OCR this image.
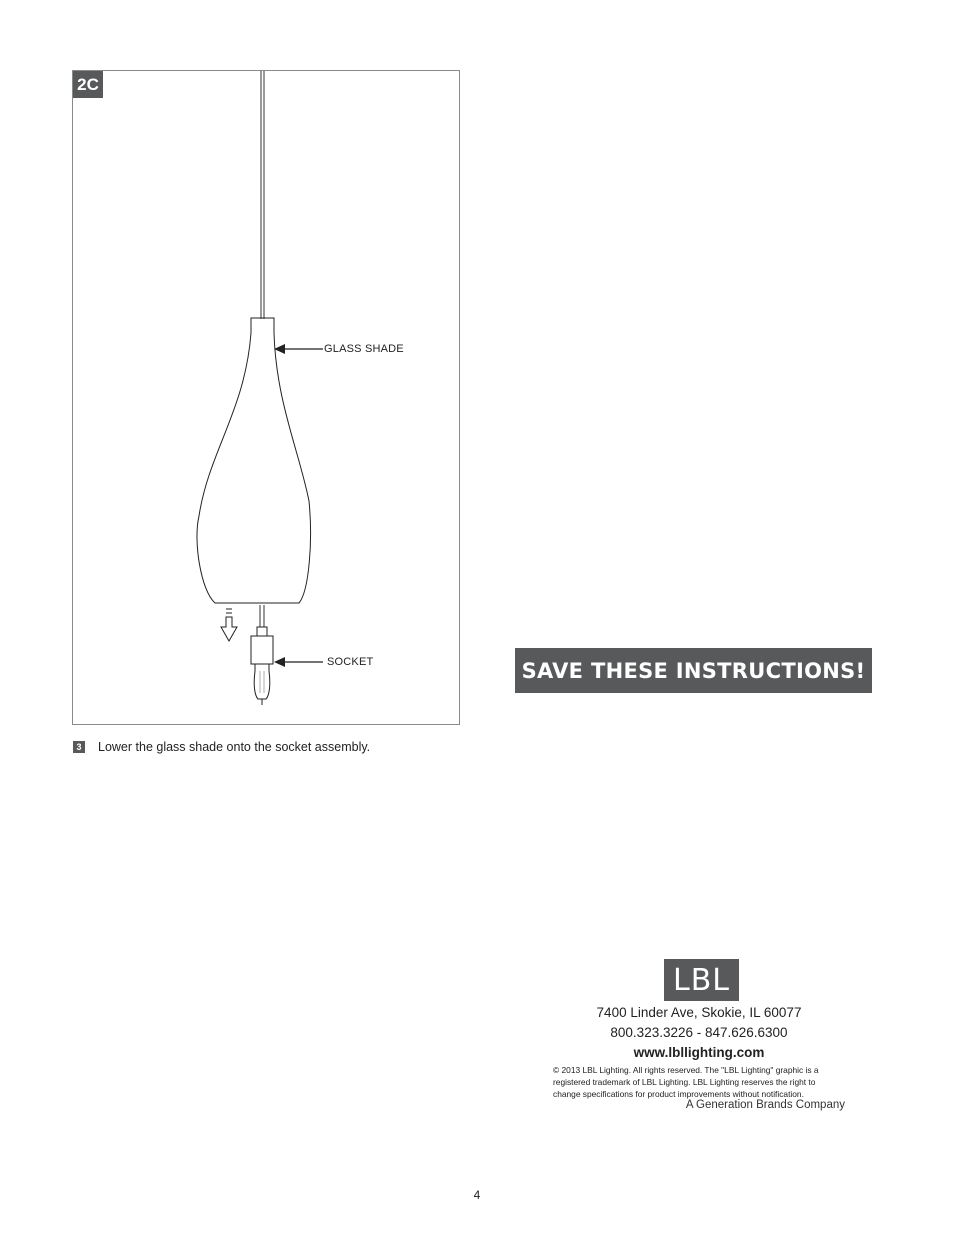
2C
GLASS SHADE
SOCKET
3 Lower the glass shade onto the socket assembly.
SAVE THESE INSTRUCTIONS!
LBL
7400 Linder Ave, Skokie, IL 60077
800.323.3226 - 847.626.6300
www.lbllighting.com
© 2013 LBL Lighting. All rights reserved. The "LBL Lighting" graphic is a
registered trademark of LBL Lighting. LBL Lighting reserves the right to
change specifications for product improvements without notification.
A Generation Brands Company
4
